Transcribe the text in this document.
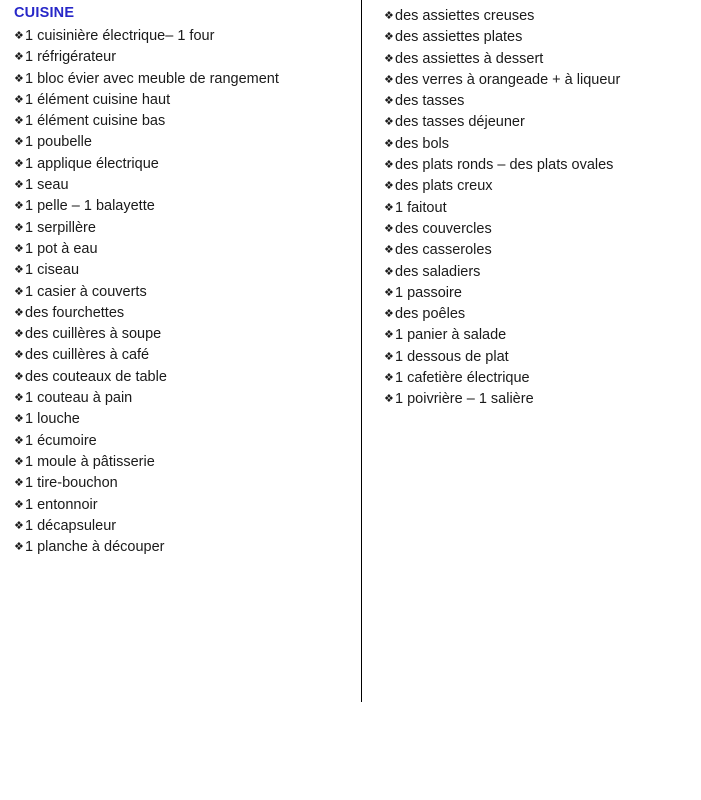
CUISINE
❖ 1 cuisinière électrique– 1 four
❖ 1 réfrigérateur
❖ 1 bloc évier avec meuble de rangement
❖ 1 élément cuisine haut
❖ 1 élément cuisine bas
❖ 1 poubelle
❖ 1 applique électrique
❖ 1 seau
❖ 1 pelle – 1 balayette
❖ 1 serpillère
❖ 1 pot à eau
❖ 1 ciseau
❖ 1 casier à couverts
❖ des fourchettes
❖ des cuillères à soupe
❖ des cuillères à café
❖ des couteaux de table
❖ 1 couteau à pain
❖ 1 louche
❖ 1 écumoire
❖ 1 moule à pâtisserie
❖ 1 tire-bouchon
❖ 1 entonnoir
❖ 1 décapsuleur
❖ 1 planche à découper
❖ des assiettes creuses
❖ des assiettes plates
❖ des assiettes à dessert
❖ des verres à orangeade + à liqueur
❖ des tasses
❖ des tasses déjeuner
❖ des bols
❖ des plats ronds – des plats ovales
❖ des plats creux
❖ 1 faitout
❖ des couvercles
❖ des casseroles
❖ des saladiers
❖ 1 passoire
❖ des poêles
❖ 1 panier à salade
❖ 1 dessous de plat
❖ 1 cafetière électrique
❖ 1 poivrière – 1 salière
